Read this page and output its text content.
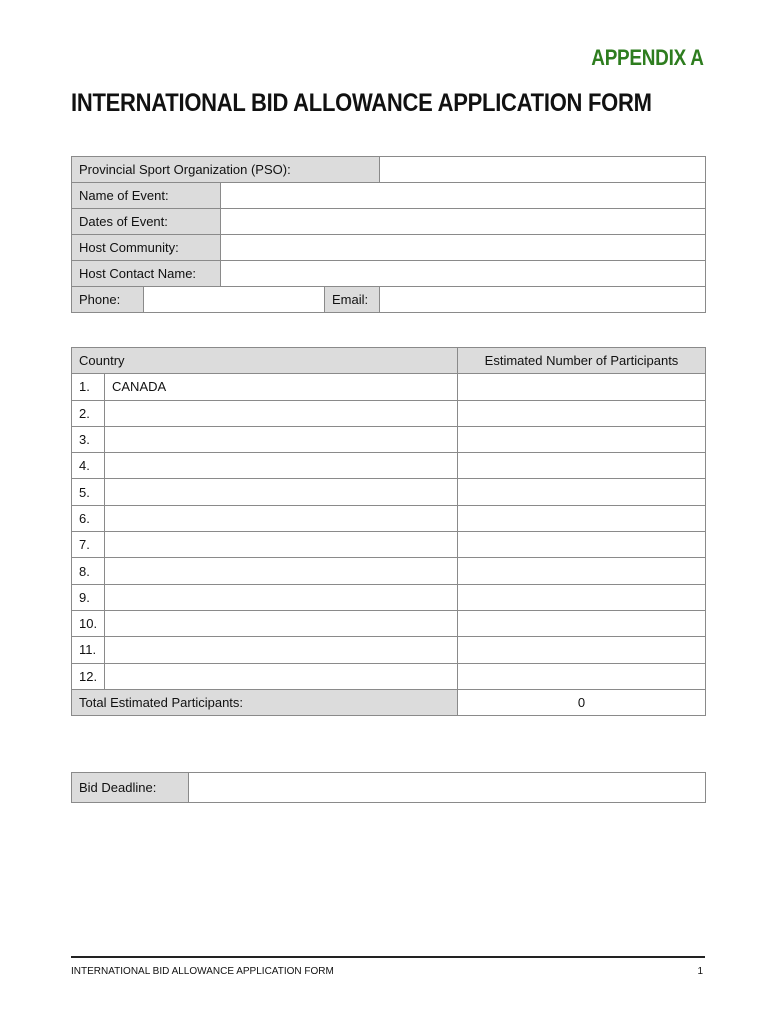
APPENDIX A
INTERNATIONAL BID ALLOWANCE APPLICATION FORM
Provincial Sport Organization (PSO):				
Name of Event:				
Dates of Event:				
Host Community:				
Host Contact Name:				
Phone:			Email:	
Country		Estimated Number of Participants
1.	CANADA	
2.		
3.		
4.		
5.		
6.		
7.		
8.		
9.		
10.		
11.		
12.		
Total Estimated Participants:		0
Bid Deadline:	
INTERNATIONAL BID ALLOWANCE APPLICATION FORM	1
